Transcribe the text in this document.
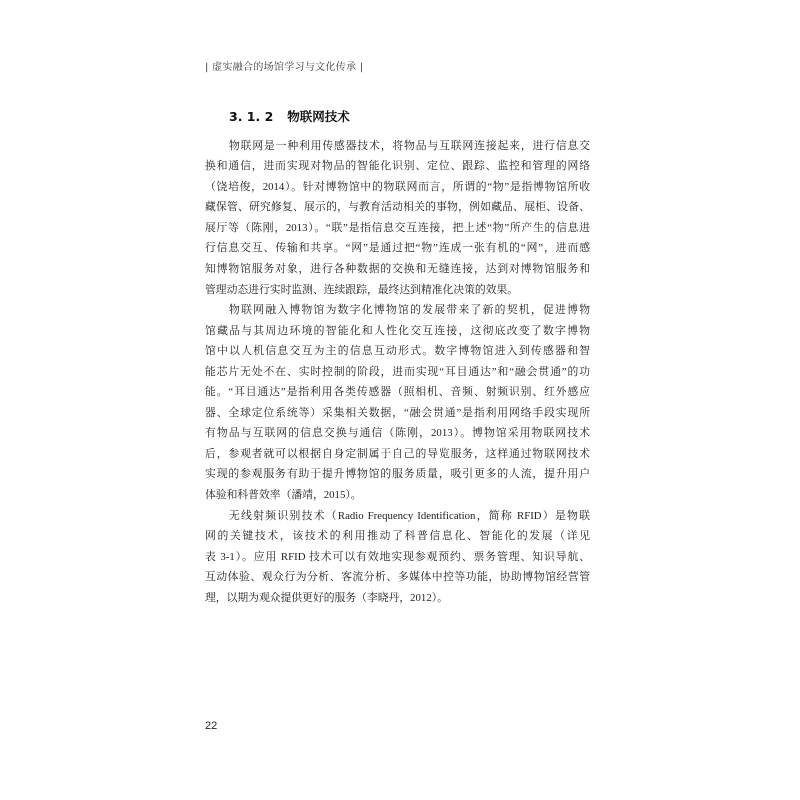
| 虚实融合的场馆学习与文化传承 |
3. 1. 2 物联网技术
物联网是一种利用传感器技术，将物品与互联网连接起来，进行信息交
换和通信，进而实现对物品的智能化识别、定位、跟踪、监控和管理的网络
（饶培俊，2014）。针对博物馆中的物联网而言，所谓的“物”是指博物馆所收
藏保管、研究修复、展示的，与教育活动相关的事物，例如藏品、展柜、设备、
展厅等（陈刚，2013）。“联”是指信息交互连接，把上述“物”所产生的信息进
行信息交互、传输和共享。“网”是通过把“物”连成一张有机的“网”，进而感
知博物馆服务对象，进行各种数据的交换和无缝连接，达到对博物馆服务和
管理动态进行实时监测、连续跟踪，最终达到精准化决策的效果。
物联网融入博物馆为数字化博物馆的发展带来了新的契机，促进博物
馆藏品与其周边环境的智能化和人性化交互连接，这彻底改变了数字博物
馆中以人机信息交互为主的信息互动形式。数字博物馆进入到传感器和智
能芯片无处不在、实时控制的阶段，进而实现“耳目通达”和“融会贯通”的功
能。“耳目通达”是指利用各类传感器（照相机、音频、射频识别、红外感应
器、全球定位系统等）采集相关数据，“融会贯通”是指利用网络手段实现所
有物品与互联网的信息交换与通信（陈刚，2013）。博物馆采用物联网技术
后，参观者就可以根据自身定制属于自己的导览服务，这样通过物联网技术
实现的参观服务有助于提升博物馆的服务质量，吸引更多的人流，提升用户
体验和科普效率（潘靖，2015）。
无线射频识别技术（Radio Frequency Identification，简称 RFID）是物联
网的关键技术，该技术的利用推动了科普信息化、智能化的发展（详见
表 3-1）。应用 RFID 技术可以有效地实现参观预约、票务管理、知识导航、
互动体验、观众行为分析、客流分析、多媒体中控等功能，协助博物馆经营管
理，以期为观众提供更好的服务（李晓丹，2012）。
22
